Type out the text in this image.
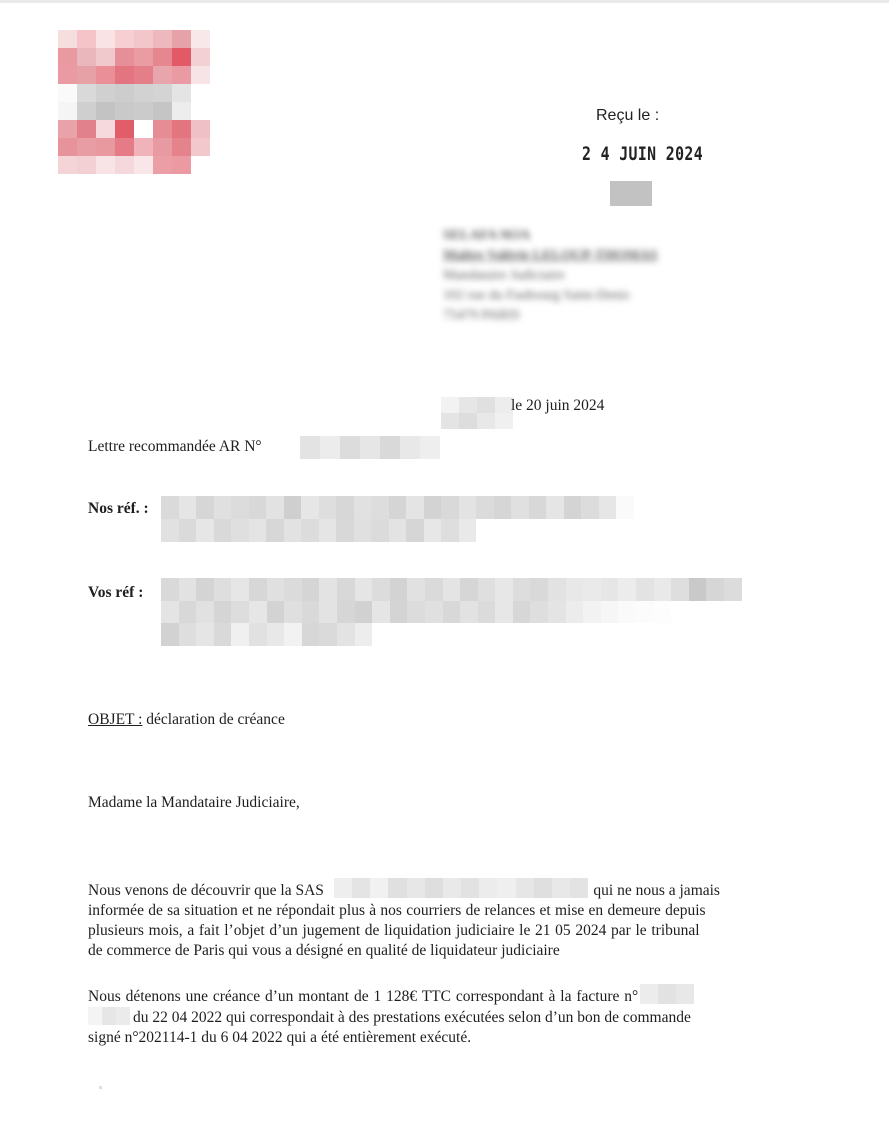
Reçu le :
2 4 JUIN 2024
SELAFA MJA
Maître Valérie LELOUP-THOMAS
Mandataire Judiciaire
102 rue du Faubourg Saint-Denis
75479 PARIS
le 20 juin 2024
Lettre recommandée AR N°
Nos réf. :
Vos réf :
OBJET : déclaration de créance
Madame la Mandataire Judiciaire,
Nous venons de découvrir que la SAS	qui ne nous a jamais
informée de sa situation et ne répondait plus à nos courriers de relances et mise en demeure depuis
plusieurs mois, a fait l’objet d’un jugement de liquidation judiciaire le 21 05 2024 par le tribunal
de commerce de Paris qui vous a désigné en qualité de liquidateur judiciaire
Nous détenons une créance d’un montant de 1 128€ TTC correspondant à la facture n°
du 22 04 2022 qui correspondait à des prestations exécutées selon d’un bon de commande
signé n°202114-1 du 6 04 2022 qui a été entièrement exécuté.
